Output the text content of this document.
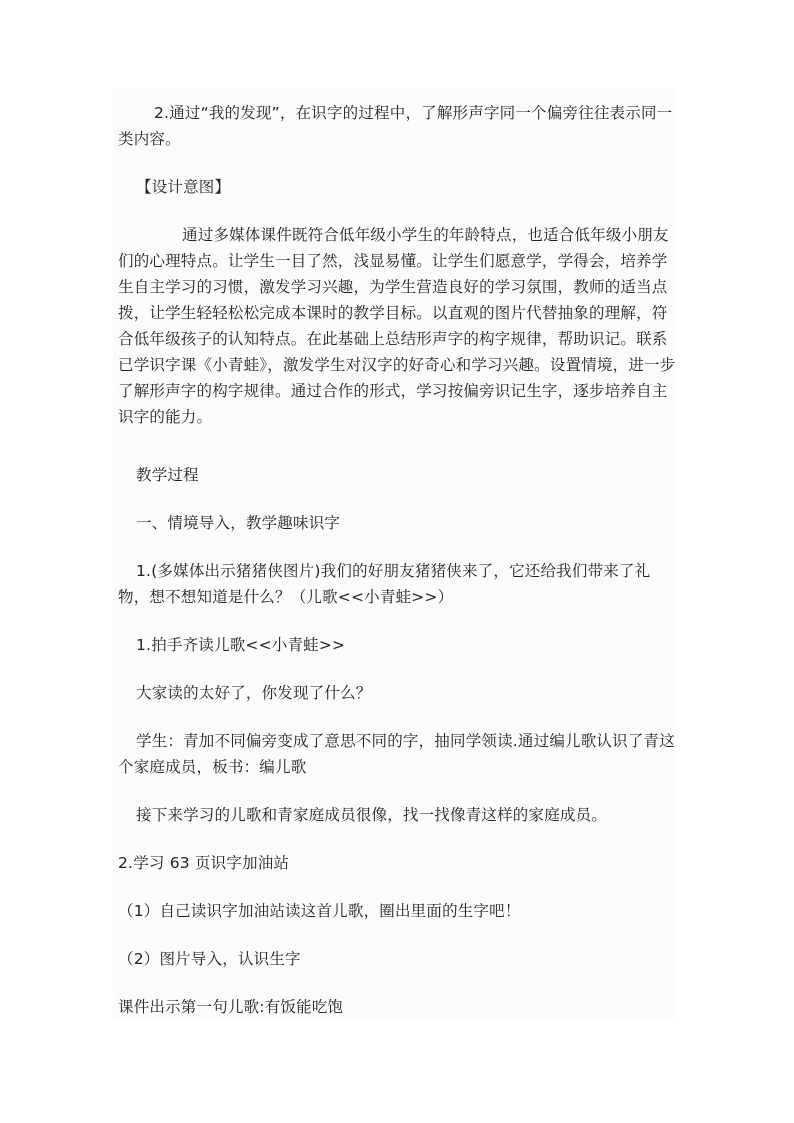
2.通过“我的发现”，在识字的过程中，了解形声字同一个偏旁往往表示同一类内容。
【设计意图】
通过多媒体课件既符合低年级小学生的年龄特点，也适合低年级小朋友们的心理特点。让学生一目了然，浅显易懂。让学生们愿意学，学得会，培养学生自主学习的习惯，激发学习兴趣，为学生营造良好的学习氛围，教师的适当点拨，让学生轻轻松松完成本课时的教学目标。以直观的图片代替抽象的理解，符合低年级孩子的认知特点。在此基础上总结形声字的构字规律，帮助识记。联系已学识字课《小青蛙》，激发学生对汉字的好奇心和学习兴趣。设置情境，进一步了解形声字的构字规律。通过合作的形式，学习按偏旁识记生字，逐步培养自主识字的能力。
教学过程
一、情境导入，教学趣味识字
1.(多媒体出示猪猪侠图片)我们的好朋友猪猪侠来了，它还给我们带来了礼物，想不想知道是什么？（儿歌<<小青蛙>>）
1.拍手齐读儿歌<<小青蛙>>
大家读的太好了，你发现了什么？
学生：青加不同偏旁变成了意思不同的字，抽同学领读.通过编儿歌认识了青这个家庭成员，板书：编儿歌
接下来学习的儿歌和青家庭成员很像，找一找像青这样的家庭成员。
2.学习 63 页识字加油站
（1）自己读识字加油站读这首儿歌，圈出里面的生字吧！
（2）图片导入，认识生字
课件出示第一句儿歌:有饭能吃饱
